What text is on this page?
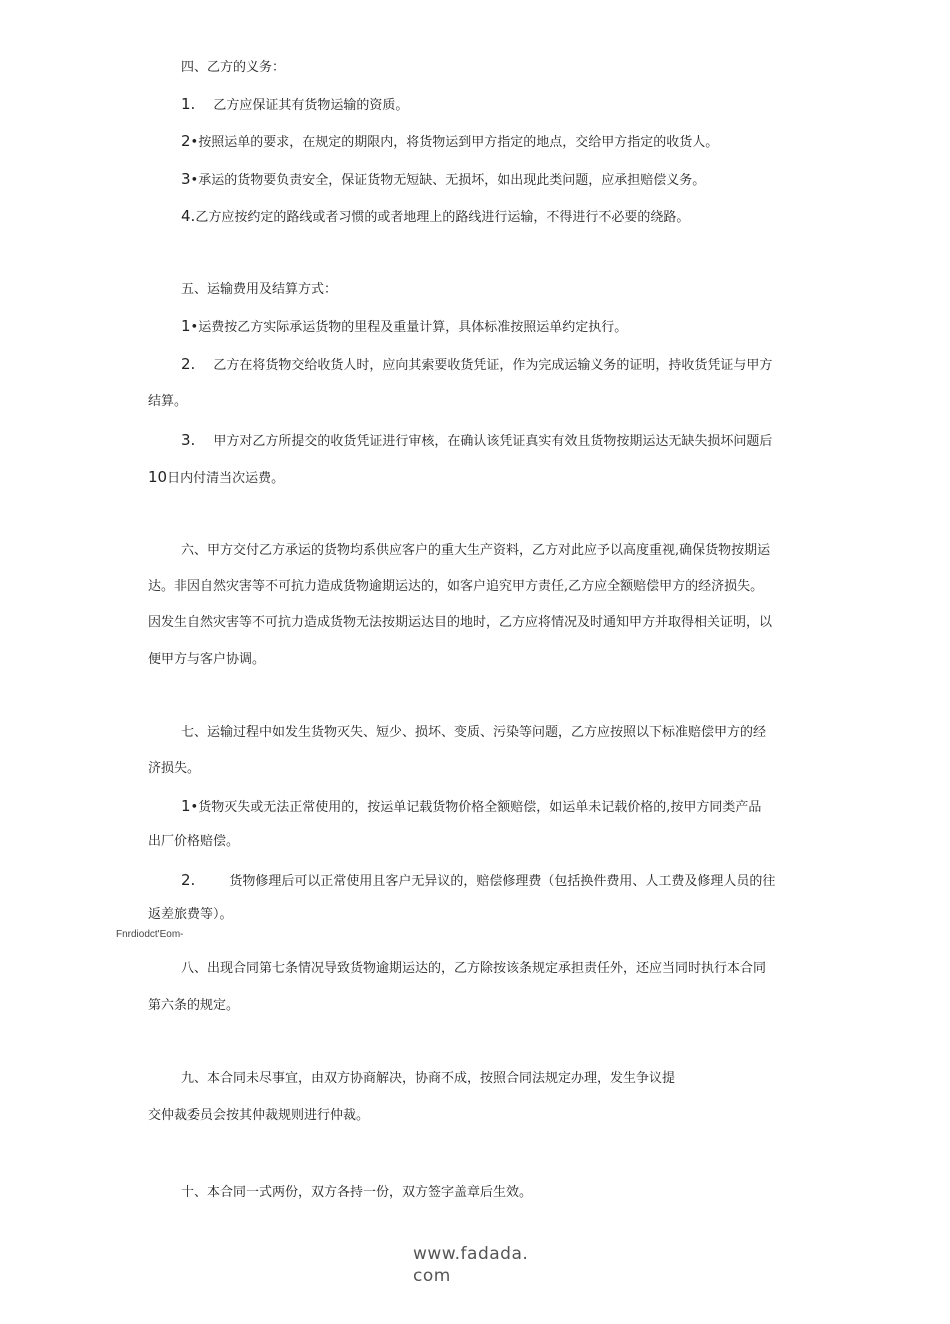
四、乙方的义务：
1. 乙方应保证其有货物运输的资质。
2•按照运单的要求，在规定的期限内，将货物运到甲方指定的地点，交给甲方指定的收货人。
3•承运的货物要负责安全，保证货物无短缺、无损坏，如出现此类问题，应承担赔偿义务。
4.乙方应按约定的路线或者习惯的或者地理上的路线进行运输，不得进行不必要的绕路。
五、运输费用及结算方式：
1•运费按乙方实际承运货物的里程及重量计算，具体标准按照运单约定执行。
2. 乙方在将货物交给收货人时，应向其索要收货凭证，作为完成运输义务的证明，持收货凭证与甲方
结算。
3. 甲方对乙方所提交的收货凭证进行审核，在确认该凭证真实有效且货物按期运达无缺失损坏问题后
10日内付清当次运费。
六、甲方交付乙方承运的货物均系供应客户的重大生产资料，乙方对此应予以高度重视,确保货物按期运
达。非因自然灾害等不可抗力造成货物逾期运达的，如客户追究甲方责任,乙方应全额赔偿甲方的经济损失。
因发生自然灾害等不可抗力造成货物无法按期运达目的地时，乙方应将情况及时通知甲方并取得相关证明，以
便甲方与客户协调。
七、运输过程中如发生货物灭失、短少、损坏、变质、污染等问题，乙方应按照以下标准赔偿甲方的经
济损失。
1•货物灭失或无法正常使用的，按运单记载货物价格全额赔偿，如运单未记载价格的,按甲方同类产品
出厂价格赔偿。
2.	货物修理后可以正常使用且客户无异议的，赔偿修理费（包括换件费用、人工费及修理人员的往
返差旅费等）。
Fnrdiodct'Eom-
八、出现合同第七条情况导致货物逾期运达的，乙方除按该条规定承担责任外，还应当同时执行本合同
第六条的规定。
九、本合同未尽事宜，由双方协商解决，协商不成，按照合同法规定办理，发生争议提
交仲裁委员会按其仲裁规则进行仲裁。
十、本合同一式两份，双方各持一份，双方签字盖章后生效。
www.fadada.
com
